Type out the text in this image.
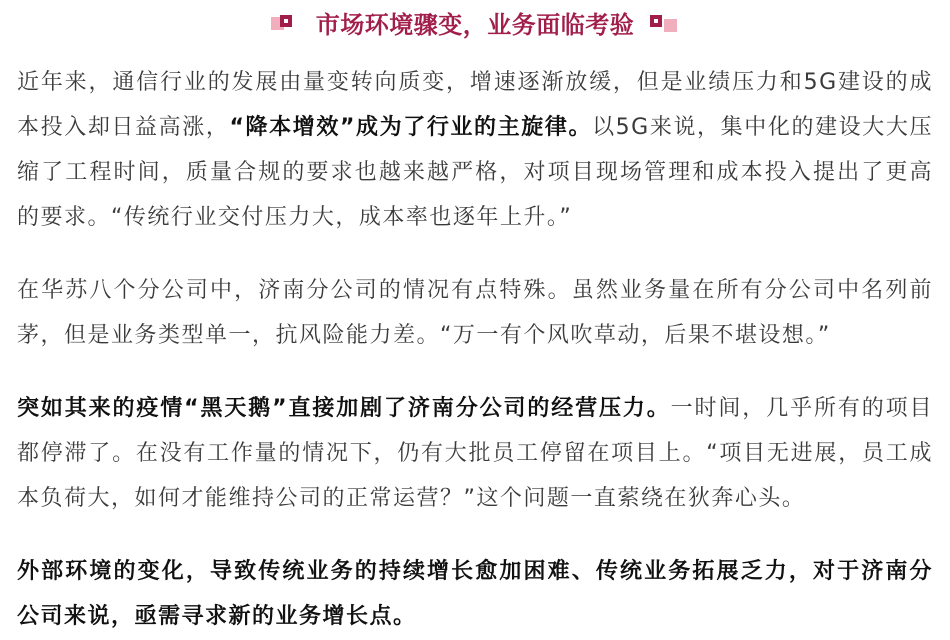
市场环境骤变，业务面临考验

近年来，通信行业的发展由量变转向质变，增速逐渐放缓，但是业绩压力和5G建设的成本投入却日益高涨，“降本增效”成为了行业的主旋律。以5G来说，集中化的建设大大压缩了工程时间，质量合规的要求也越来越严格，对项目现场管理和成本投入提出了更高的要求。“传统行业交付压力大，成本率也逐年上升。”

在华苏八个分公司中，济南分公司的情况有点特殊。虽然业务量在所有分公司中名列前茅，但是业务类型单一，抗风险能力差。“万一有个风吹草动，后果不堪设想。”

突如其来的疫情“黑天鹅”直接加剧了济南分公司的经营压力。一时间，几乎所有的项目都停滞了。在没有工作量的情况下，仍有大批员工停留在项目上。“项目无进展，员工成本负荷大，如何才能维持公司的正常运营？”这个问题一直萦绕在狄奔心头。

外部环境的变化，导致传统业务的持续增长愈加困难、传统业务拓展乏力，对于济南分公司来说，亟需寻求新的业务增长点。
